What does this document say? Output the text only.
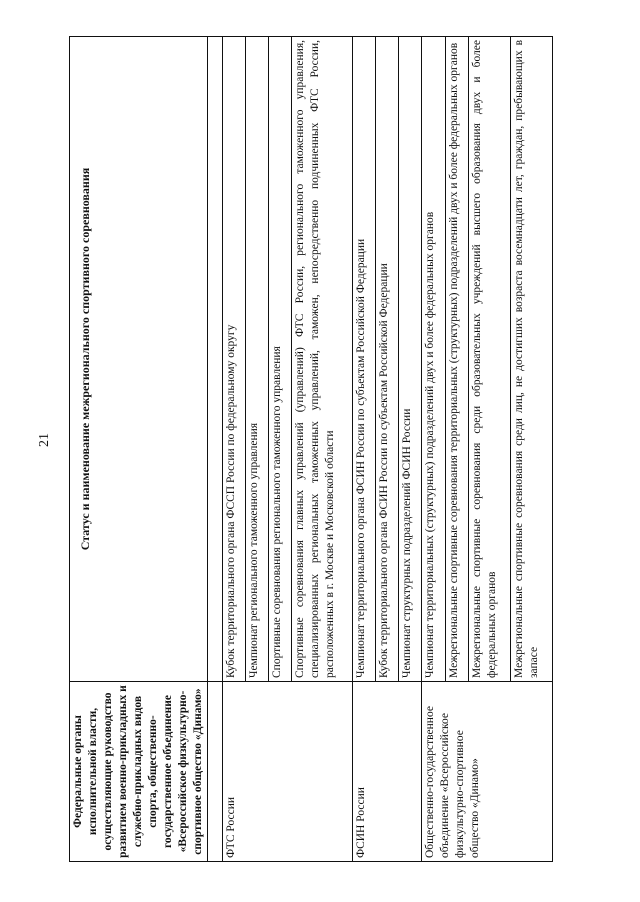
21
Федеральные органы исполнительной власти, осуществляющие руководство развитием военно-прикладных и служебно-прикладных видов спорта, общественно-государственное объединение «Всероссийское физкультурно-спортивное общество «Динамо»	Статус и наименование межрегионального спортивного соревнования

ФТС России	Кубок территориального органа ФССП России по федеральному округу
	Чемпионат регионального таможенного управления
	Спортивные соревнования регионального таможенного управления
	Спортивные соревнования главных управлений (управлений) ФТС России, регионального таможенного управления, специализированных региональных таможенных управлений, таможен, непосредственно подчиненных ФТС России, расположенных в г. Москве и Московской области
ФСИН России	Чемпионат территориального органа ФСИН России по субъектам Российской Федерации
	Кубок территориального органа ФСИН России по субъектам Российской Федерации
	Чемпионат структурных подразделений ФСИН России
Общественно-государственное объединение «Всероссийское физкультурно-спортивное общество «Динамо»	Чемпионат территориальных (структурных) подразделений двух и более федеральных органов
	Межрегиональные спортивные соревнования территориальных (структурных) подразделений двух и более федеральных органов
	Межрегиональные спортивные соревнования среди образовательных учреждений высшего образования двух и более федеральных органов
	Межрегиональные спортивные соревнования среди лиц, не достигших возраста восемнадцати лет, граждан, пребывающих в запасе
